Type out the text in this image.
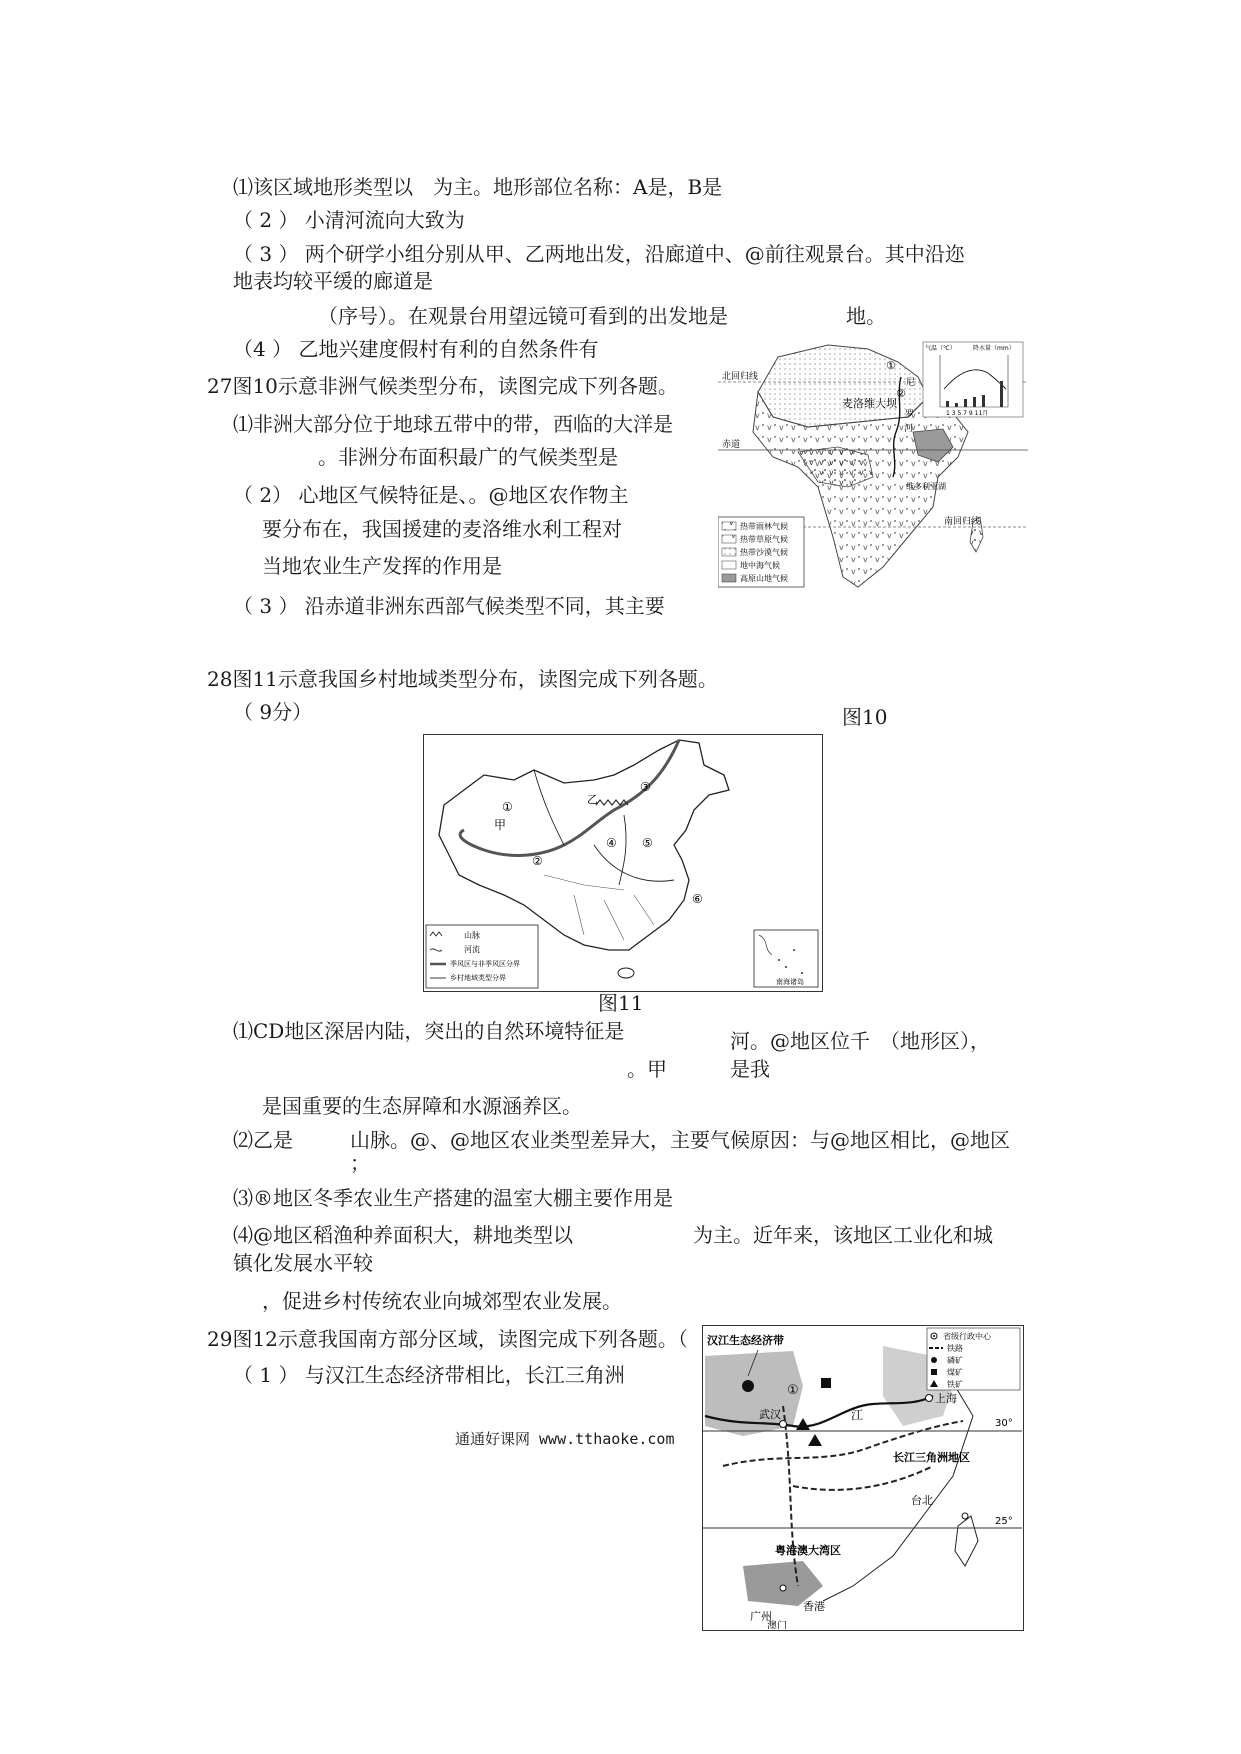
⑴该区域地形类型以　为主。地形部位名称：A是，B是
（ 2 ） 小清河流向大致为
（ 3 ） 两个研学小组分别从甲、乙两地出发，沿廊道中、@前往观景台。其中沿迩
地表均较平缓的廊道是
（序号）。在观景台用望远镜可看到的出发地是	地。
（4 ） 乙地兴建度假村有利的自然条件有
27图10示意非洲气候类型分布，读图完成下列各题。
⑴非洲大部分位于地球五带中的带，西临的大洋是
。非洲分布面积最广的气候类型是
（ 2） 心地区气候特征是、。@地区农作物主
要分布在，我国援建的麦洛维水利工程对
当地农业生产发挥的作用是
（ 3 ） 沿赤道非洲东西部气候类型不同，其主要
北回归线
赤道
南回归线
麦洛维大坝
①
②
尼
罗
河
维多利亚湖
气温（℃）	降水量（mm）
1 3 5 7 9 11月
热带雨林气候
热带草原气候
热带沙漠气候
地中海气候
高原山地气候
图10
28图11示意我国乡村地域类型分布，读图完成下列各题。
（ 9分）
①
甲
②
③
乙
④ ⑤
⑥
南海诸岛
山脉
河流
季风区与非季风区分界
乡村地域类型分界
图11
⑴CD地区深居内陆，突出的自然环境特征是	河。@地区位千　（地形区），
。甲	是我
是国重要的生态屏障和水源涵养区。
⑵乙是	山脉。@、@地区农业类型差异大，主要气候原因：与@地区相比，@地区
；
⑶®地区冬季农业生产搭建的温室大棚主要作用是
⑷@地区稻渔种养面积大，耕地类型以	为主。近年来，该地区工业化和城
镇化发展水平较
，促进乡村传统农业向城郊型农业发展。
29图12示意我国南方部分区域，读图完成下列各题。（
（ 1 ） 与汉江生态经济带相比，长江三角洲
通通好课网 www.tthaoke.com
30°
25°
汉江生态经济带
①
武汉	江
上海
长江三角洲地区
台北
粤港澳大湾区
广州
澳门
香港
省级行政中心
铁路
磷矿
煤矿
铁矿
